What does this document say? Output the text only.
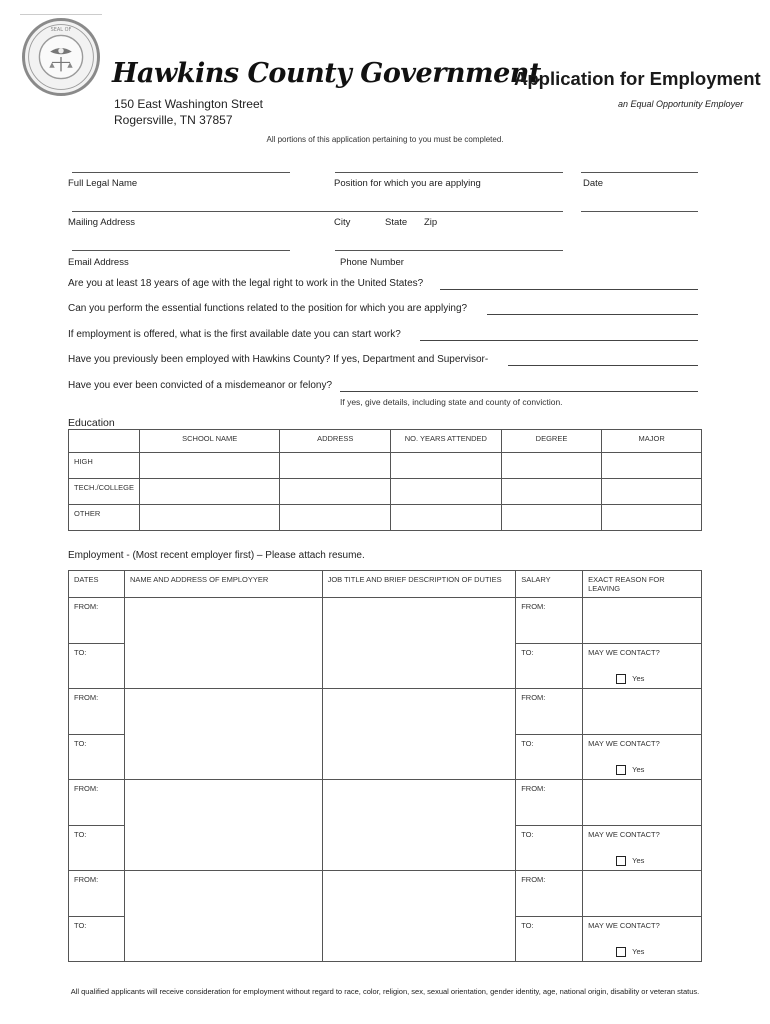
SEAL OF
Hawkins County Government
Application for Employment
150 East Washington Street
Rogersville, TN 37857
an Equal Opportunity Employer
All portions of this application pertaining to you must be completed.
Full Legal Name	Position for which you are applying	Date
Mailing Address	City	State Zip
Email Address	Phone Number
Are you at least 18 years of age with the legal right to work in the United States?
Can you perform the essential functions related to the position for which you are applying?
If employment is offered, what is the first available date you can start work?
Have you previously been employed with Hawkins County? If yes, Department and Supervisor-
Have you ever been convicted of a misdemeanor or felony?
If yes, give details, including state and county of conviction.
Education
	SCHOOL NAME	ADDRESS	NO. YEARS ATTENDED	DEGREE	MAJOR
HIGH					
TECH./COLLEGE					
OTHER					
Employment - (Most recent employer first) – Please attach resume.
DATES	NAME AND ADDRESS OF EMPLOYYER	JOB TITLE AND BRIEF DESCRIPTION OF DUTIES	SALARY	EXACT REASON FOR LEAVING
FROM:			FROM:	
TO:			TO:	MAY WE CONTACT?
Yes

FROM:			FROM:	
TO:			TO:	MAY WE CONTACT?
Yes

FROM:			FROM:	
TO:			TO:	MAY WE CONTACT?
Yes

FROM:			FROM:	
TO:			TO:	MAY WE CONTACT?
Yes
All qualified applicants will receive consideration for employment without regard to race, color, religion, sex, sexual orientation, gender identity, age, national origin, disability or veteran status.
